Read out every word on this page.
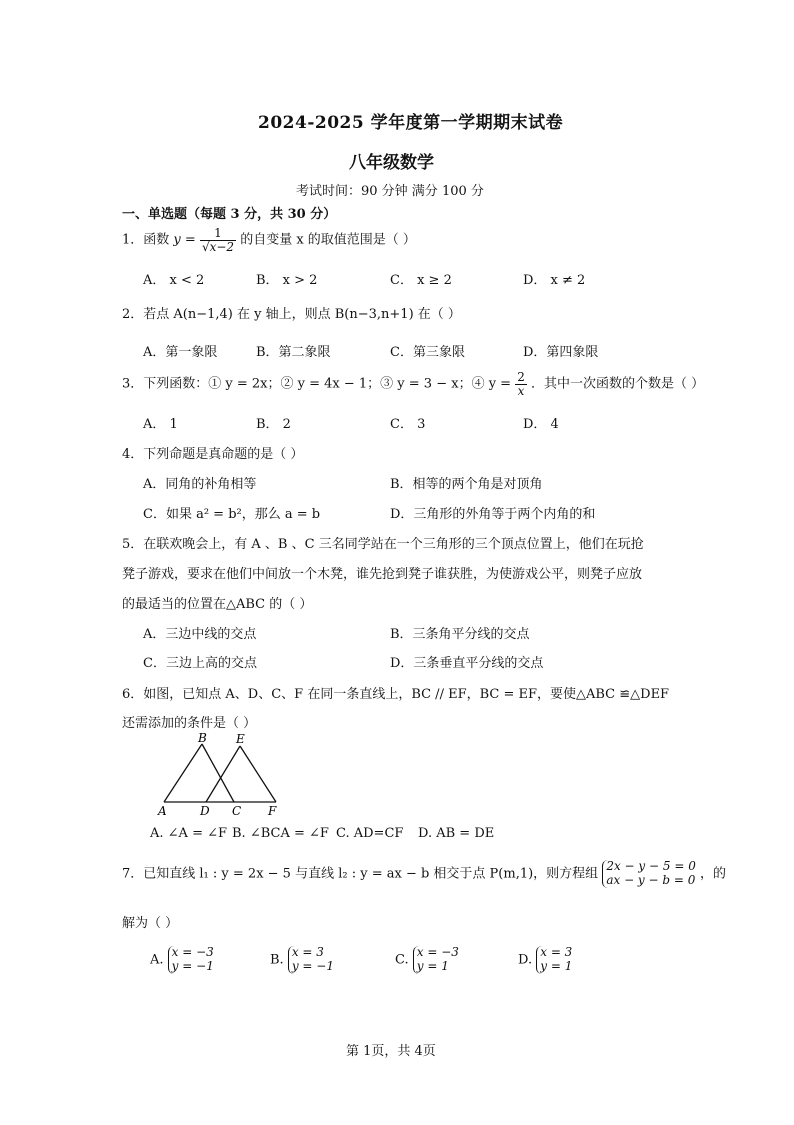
2024-2025 学年度第一学期期末试卷
八年级数学
考试时间：90 分钟 满分 100 分
一、单选题（每题 3 分，共 30 分）
1．函数 $y = \frac{1}{√x-2}$ 的自变量 x 的取值范围是（ ）
A． x < 2	B． x > 2	C． x ≥ 2	D． x ≠ 2
2．若点 A(n−1,4) 在 y 轴上，则点 B(n−3,n+1) 在（ ）
A．第一象限	B．第二象限	C．第三象限	D．第四象限
3．下列函数：① y = 2x；② y = 4x − 1；③ y = 3 − x；④ $y = \frac{2}{x}$ ．其中一次函数的个数是（ ）
A． 1	B． 2	C． 3	D． 4
4．下列命题是真命题的是（ ）
A．同角的补角相等	B．相等的两个角是对顶角
C．如果 a² = b²，那么 a = b	D．三角形的外角等于两个内角的和
5．在联欢晚会上，有 A 、B 、C 三名同学站在一个三角形的三个顶点位置上，他们在玩抢
凳子游戏，要求在他们中间放一个木凳，谁先抢到凳子谁获胜，为使游戏公平，则凳子应放
的最适当的位置在△ABC 的（ ）
A．三边中线的交点	B．三条角平分线的交点
C．三边上高的交点	D．三条垂直平分线的交点
6．如图，已知点 A、D、C、F 在同一条直线上，BC // EF，BC = EF，要使△ABC ≌△DEF
还需添加的条件是（ ）
B E
A	D C F
A. ∠A = ∠F B. ∠BCA = ∠F C. AD=CF D. AB = DE
7．已知直线 l₁ : y = 2x − 5 与直线 l₂ : y = ax − b 相交于点 P(m,1)，则方程组
2x − y − 5 = 0
ax − y − b = 0 ，的
解为（ ）
A.
x = −3
y = −1	B.
x = 3
y = −1	C.
x = −3
y = 1	D.
x = 3
y = 1
第 1页，共 4页
